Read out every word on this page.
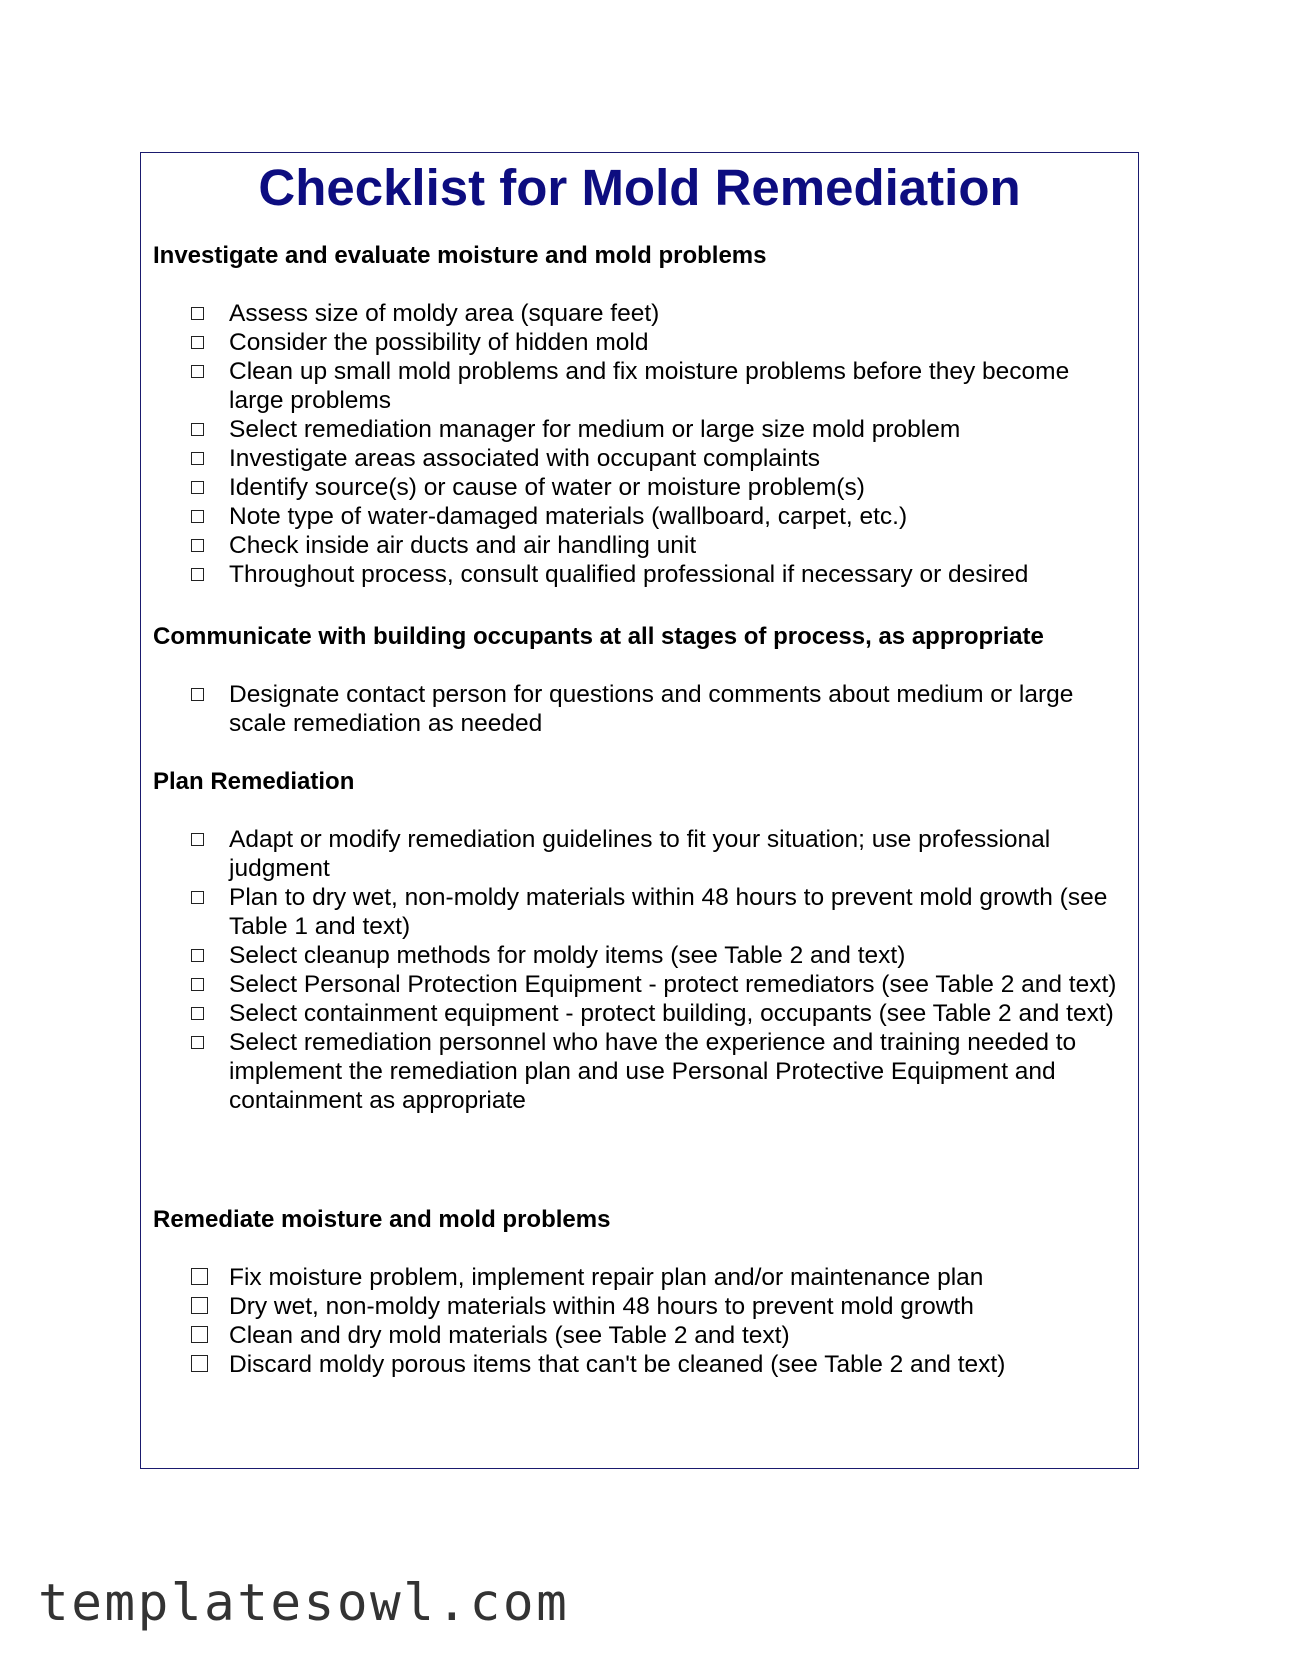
Checklist for Mold Remediation
Investigate and evaluate moisture and mold problems
Assess size of moldy area (square feet)
Consider the possibility of hidden mold
Clean up small mold problems and fix moisture problems before they become large problems
Select remediation manager for medium or large size mold problem
Investigate areas associated with occupant complaints
Identify source(s) or cause of water or moisture problem(s)
Note type of water-damaged materials (wallboard, carpet, etc.)
Check inside air ducts and air handling unit
Throughout process, consult qualified professional if necessary or desired
Communicate with building occupants at all stages of process, as appropriate
Designate contact person for questions and comments about medium or large scale remediation as needed
Plan Remediation
Adapt or modify remediation guidelines to fit your situation; use professional judgment
Plan to dry wet, non-moldy materials within 48 hours to prevent mold growth (see Table 1 and text)
Select cleanup methods for moldy items (see Table 2 and text)
Select Personal Protection Equipment - protect remediators (see Table 2 and text)
Select containment equipment - protect building, occupants (see Table 2 and text)
Select remediation personnel who have the experience and training needed to implement the remediation plan and use Personal Protective Equipment and containment as appropriate
Remediate moisture and mold problems
Fix moisture problem, implement repair plan and/or maintenance plan
Dry wet, non-moldy materials within 48 hours to prevent mold growth
Clean and dry mold materials (see Table 2 and text)
Discard moldy porous items that can't be cleaned (see Table 2 and text)
templatesowl.com
